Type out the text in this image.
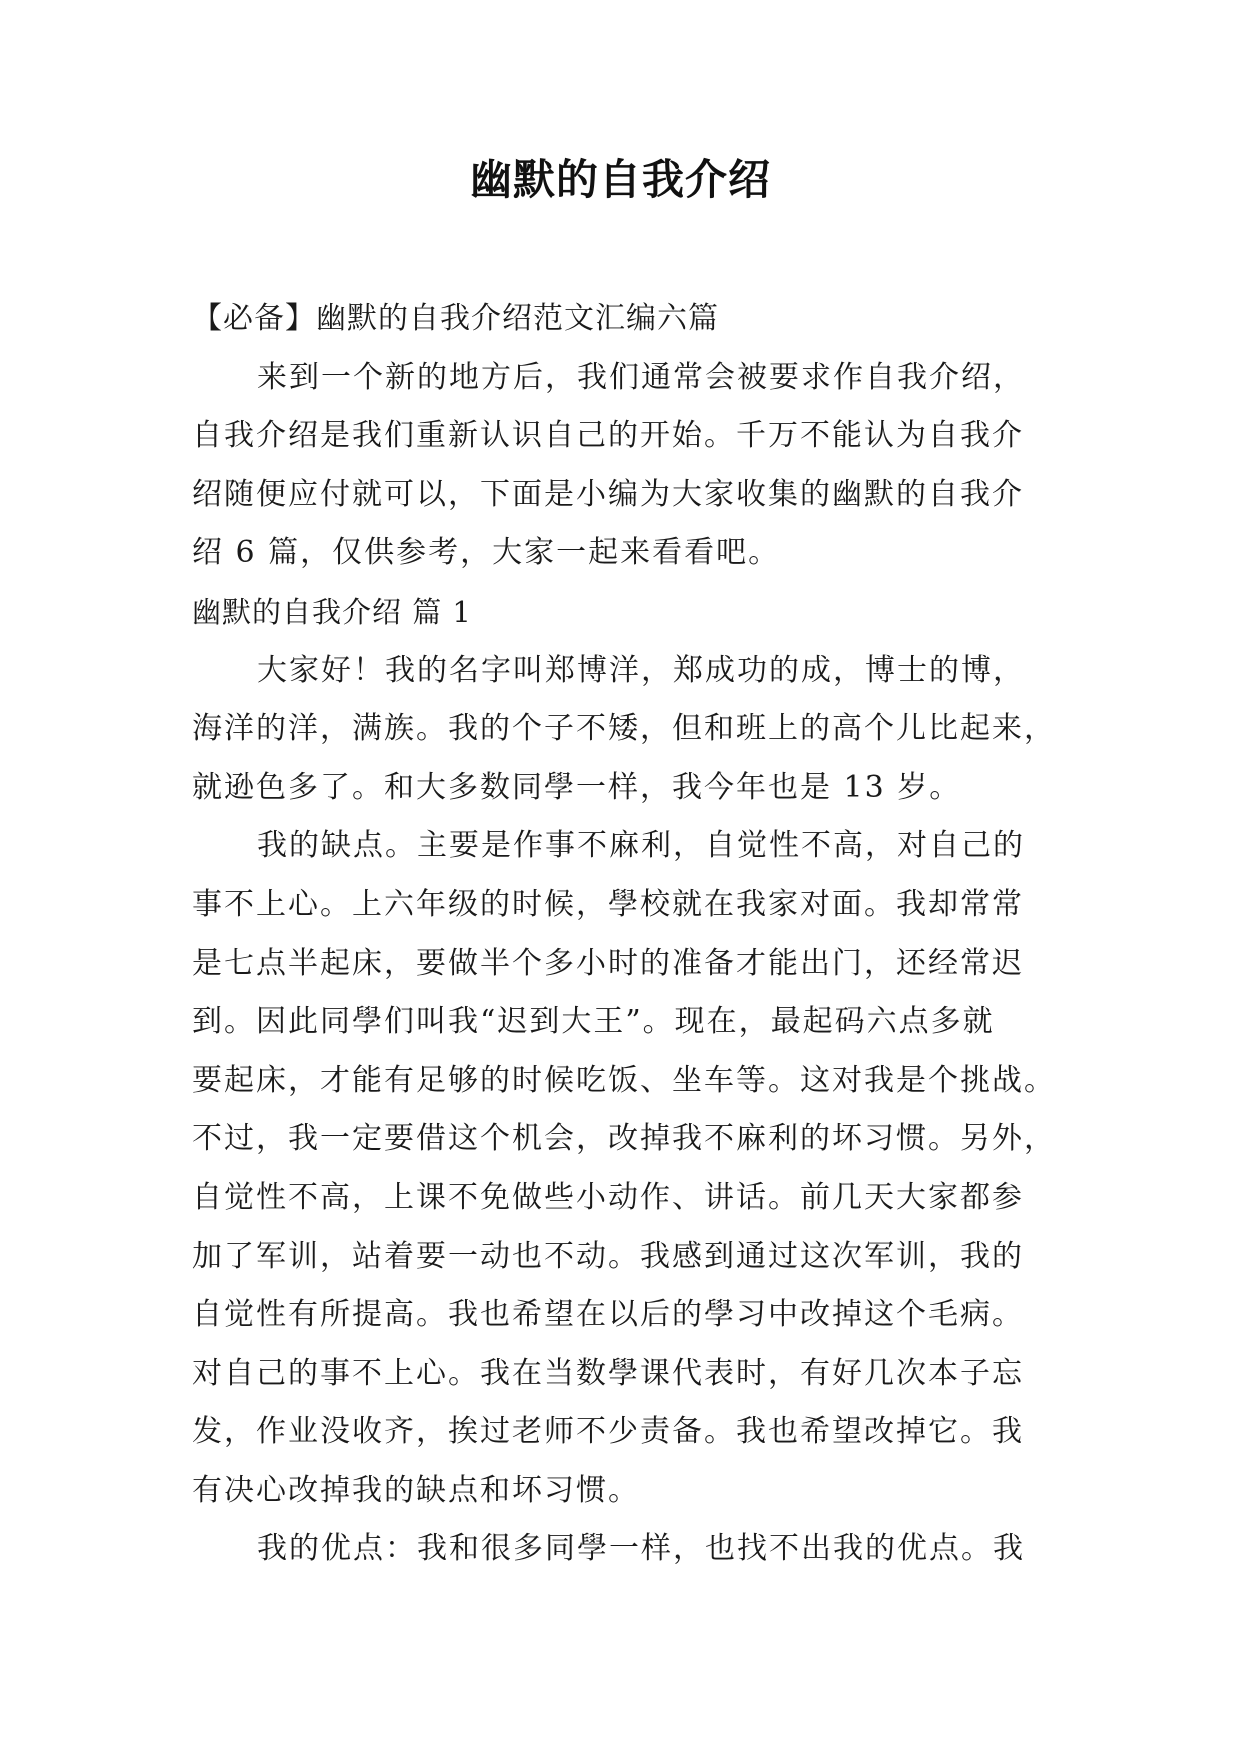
幽默的自我介绍
【必备】幽默的自我介绍范文汇编六篇
来到一个新的地方后，我们通常会被要求作自我介绍，
自我介绍是我们重新认识自己的开始。千万不能认为自我介
绍随便应付就可以，下面是小编为大家收集的幽默的自我介
绍 6 篇，仅供参考，大家一起来看看吧。
幽默的自我介绍 篇 1
大家好！我的名字叫郑博洋，郑成功的成，博士的博，
海洋的洋，满族。我的个子不矮，但和班上的高个儿比起来，
就逊色多了。和大多数同學一样，我今年也是 13 岁。
我的缺点。主要是作事不麻利，自觉性不高，对自己的
事不上心。上六年级的时候，學校就在我家对面。我却常常
是七点半起床，要做半个多小时的准备才能出门，还经常迟
到。因此同學们叫我“迟到大王”。现在，最起码六点多就
要起床，才能有足够的时候吃饭、坐车等。这对我是个挑战。
不过，我一定要借这个机会，改掉我不麻利的坏习惯。另外，
自觉性不高，上课不免做些小动作、讲话。前几天大家都参
加了军训，站着要一动也不动。我感到通过这次军训，我的
自觉性有所提高。我也希望在以后的學习中改掉这个毛病。
对自己的事不上心。我在当数學课代表时，有好几次本子忘
发，作业没收齐，挨过老师不少责备。我也希望改掉它。我
有决心改掉我的缺点和坏习惯。
我的优点：我和很多同學一样，也找不出我的优点。我
